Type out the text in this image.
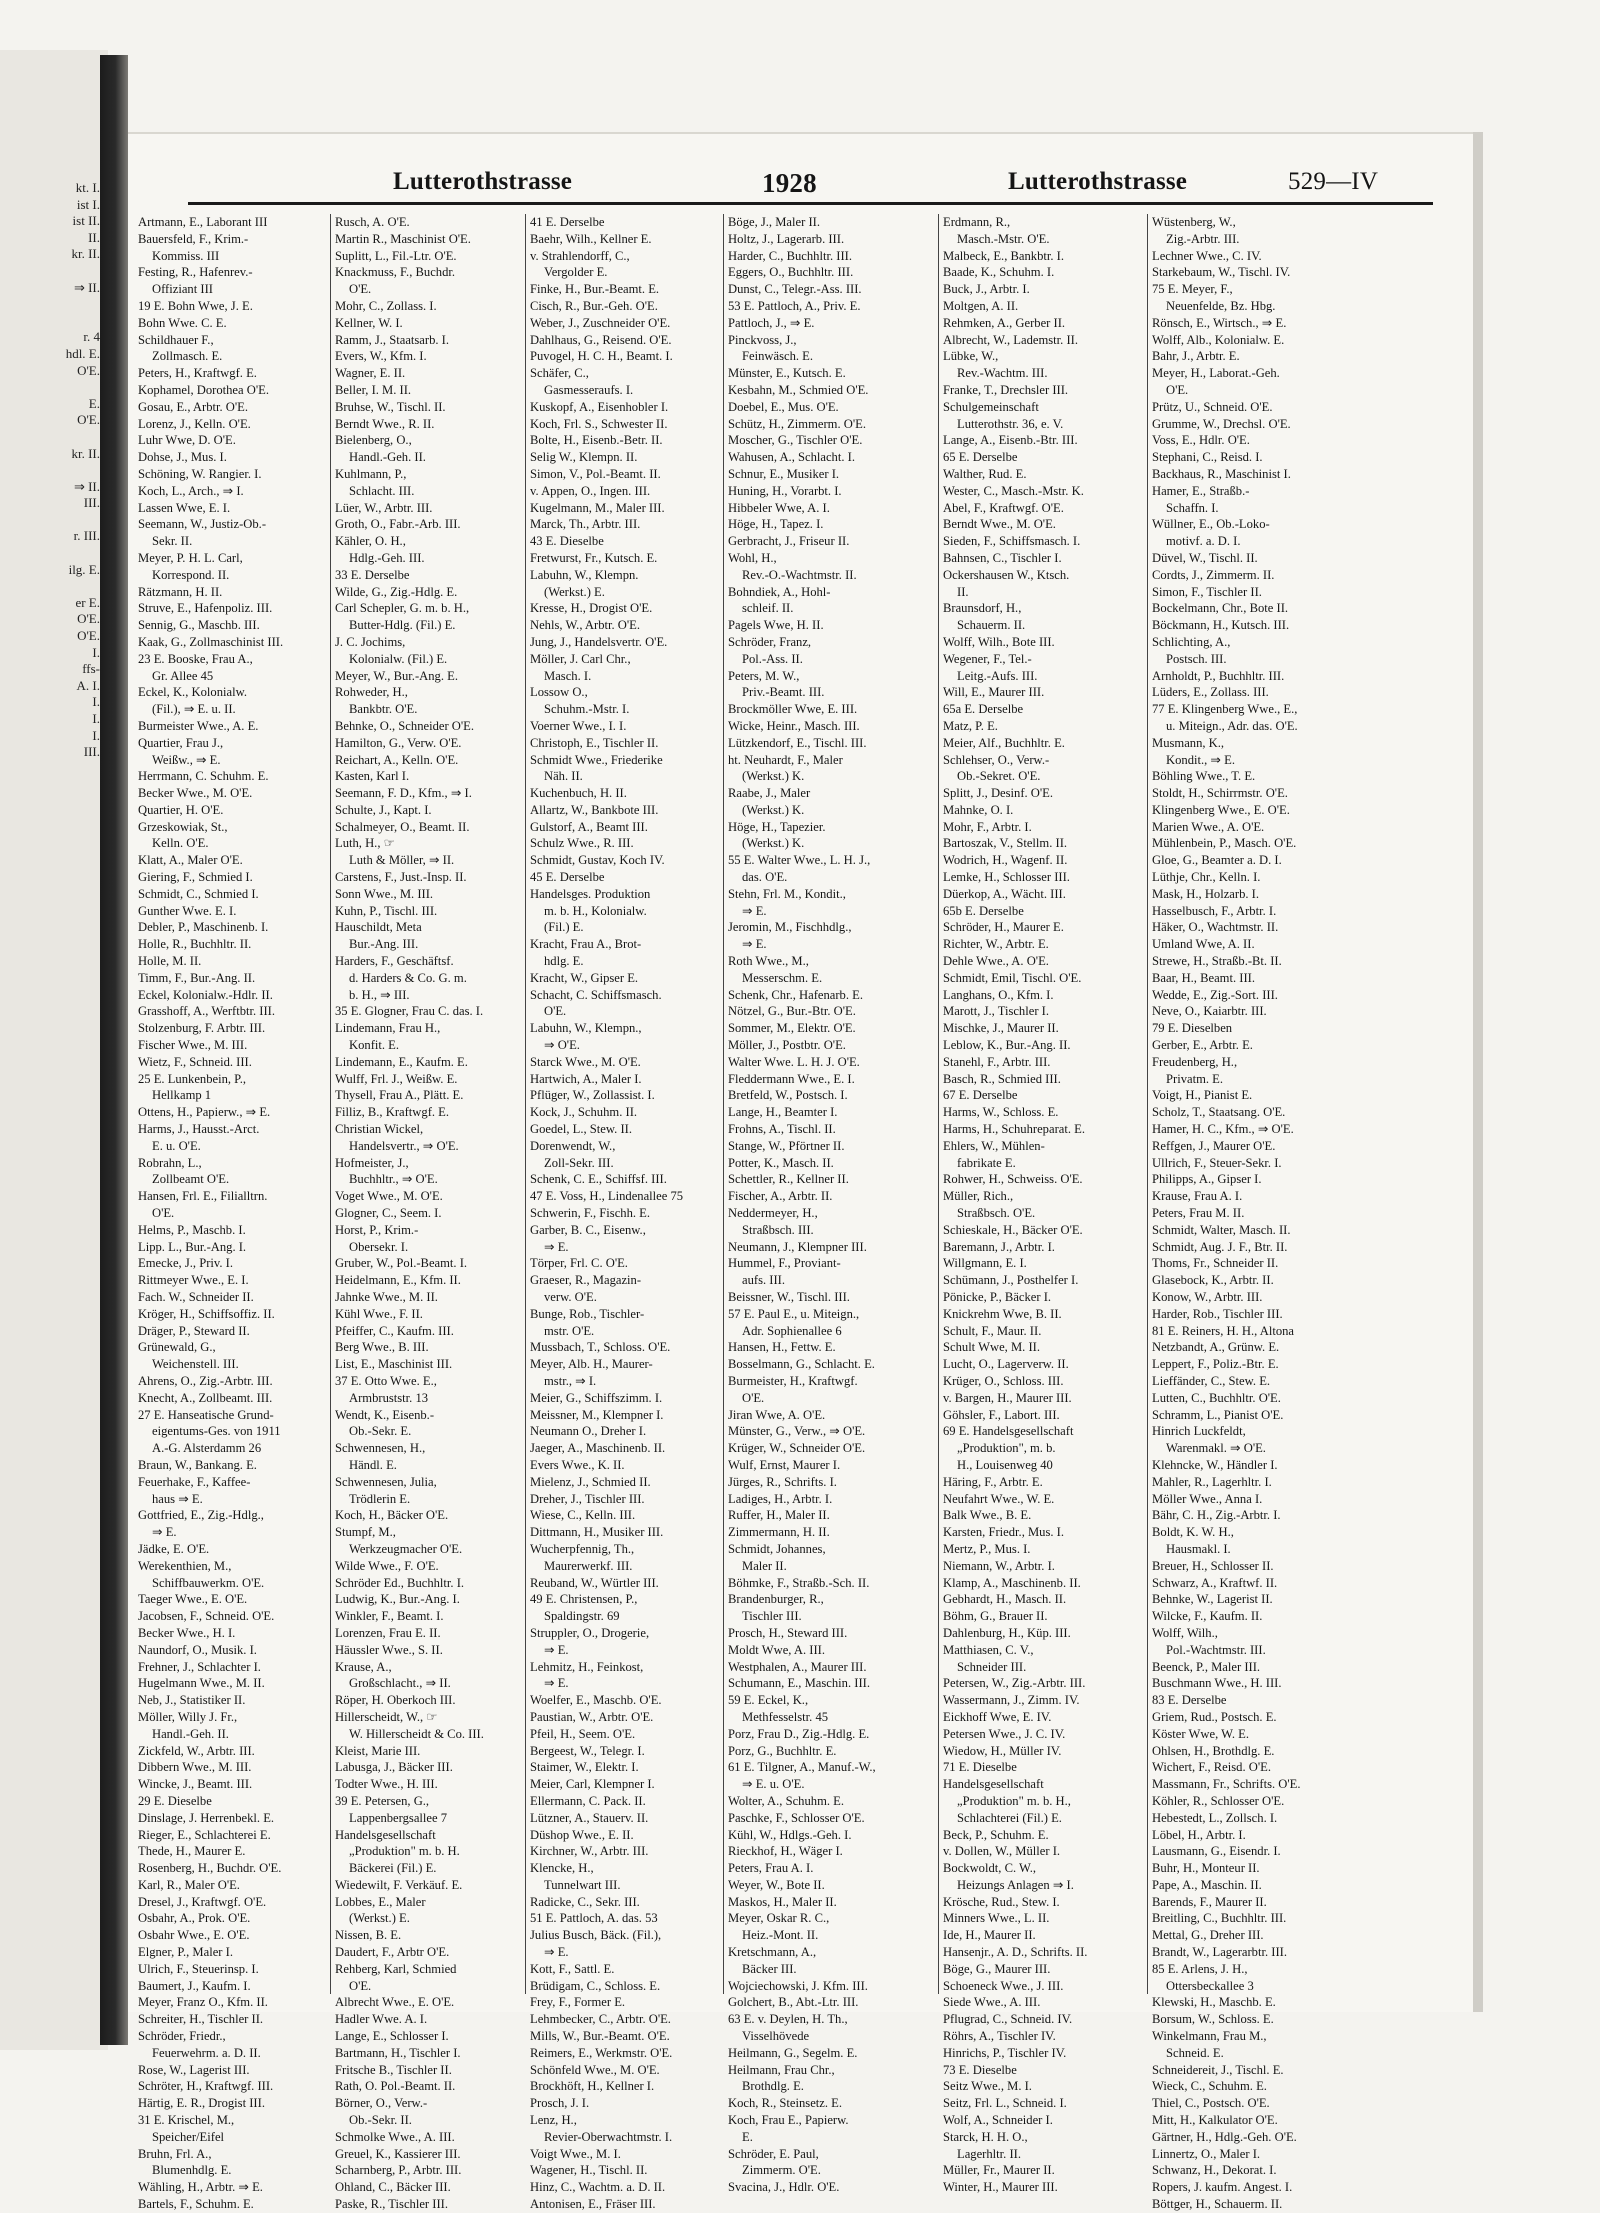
kt. I.
ist I.
ist II.
II.
kr. II.

⇒ II.

r. 4
hdl. E.
O'E.

E.
O'E.

kr. II.

⇒ II.
III.

r. III.

ilg. E.

er E.
O'E.
O'E.
I.
ffs-
A. I.
I.
I.
I.
III.
Lutterothstrasse	1928	Lutterothstrasse	529—IV
Artmann, E., Laborant III
Bauersfeld, F., Krim.-
Kommiss. III
Festing, R., Hafenrev.-
Offiziant III
19 E. Bohn Wwe, J. E.
Bohn Wwe. C. E.
Schildhauer F.,
Zollmasch. E.
Peters, H., Kraftwgf. E.
Kophamel, Dorothea O'E.
Gosau, E., Arbtr. O'E.
Lorenz, J., Kelln. O'E.
Luhr Wwe, D. O'E.
Dohse, J., Mus. I.
Schöning, W. Rangier. I.
Koch, L., Arch., ⇒ I.
Lassen Wwe, E. I.
Seemann, W., Justiz-Ob.-
Sekr. II.
Meyer, P. H. L. Carl,
Korrespond. II.
Rätzmann, H. II.
Struve, E., Hafenpoliz. III.
Sennig, G., Maschb. III.
Kaak, G., Zollmaschinist III.
23 E. Booske, Frau A.,
Gr. Allee 45
Eckel, K., Kolonialw.
(Fil.), ⇒ E. u. II.
Burmeister Wwe., A. E.
Quartier, Frau J.,
Weißw., ⇒ E.
Herrmann, C. Schuhm. E.
Becker Wwe., M. O'E.
Quartier, H. O'E.
Grzeskowiak, St.,
Kelln. O'E.
Klatt, A., Maler O'E.
Giering, F., Schmied I.
Schmidt, C., Schmied I.
Gunther Wwe. E. I.
Debler, P., Maschinenb. I.
Holle, R., Buchhltr. II.
Holle, M. II.
Timm, F., Bur.-Ang. II.
Eckel, Kolonialw.-Hdlr. II.
Grasshoff, A., Werftbtr. III.
Stolzenburg, F. Arbtr. III.
Fischer Wwe., M. III.
Wietz, F., Schneid. III.
25 E. Lunkenbein, P.,
Hellkamp 1
Ottens, H., Papierw., ⇒ E.
Harms, J., Hausst.-Arct.
E. u. O'E.
Robrahn, L.,
Zollbeamt O'E.
Hansen, Frl. E., Filialltrn.
O'E.
Helms, P., Maschb. I.
Lipp. L., Bur.-Ang. I.
Emecke, J., Priv. I.
Rittmeyer Wwe., E. I.
Fach. W., Schneider II.
Kröger, H., Schiffsoffiz. II.
Dräger, P., Steward II.
Grünewald, G.,
Weichenstell. III.
Ahrens, O., Zig.-Arbtr. III.
Knecht, A., Zollbeamt. III.
27 E. Hanseatische Grund-
eigentums-Ges. von 1911
A.-G. Alsterdamm 26
Braun, W., Bankang. E.
Feuerhake, F., Kaffee-
haus ⇒ E.
Gottfried, E., Zig.-Hdlg.,
⇒ E.
Jädke, E. O'E.
Werekenthien, M.,
Schiffbauwerkm. O'E.
Taeger Wwe., E. O'E.
Jacobsen, F., Schneid. O'E.
Becker Wwe., H. I.
Naundorf, O., Musik. I.
Frehner, J., Schlachter I.
Hugelmann Wwe., M. II.
Neb, J., Statistiker II.
Möller, Willy J. Fr.,
Handl.-Geh. II.
Zickfeld, W., Arbtr. III.
Dibbern Wwe., M. III.
Wincke, J., Beamt. III.
29 E. Dieselbe
Dinslage, J. Herrenbekl. E.
Rieger, E., Schlachterei E.
Thede, H., Maurer E.
Rosenberg, H., Buchdr. O'E.
Karl, R., Maler O'E.
Dresel, J., Kraftwgf. O'E.
Osbahr, A., Prok. O'E.
Osbahr Wwe., E. O'E.
Elgner, P., Maler I.
Ulrich, F., Steuerinsp. I.
Baumert, J., Kaufm. I.
Meyer, Franz O., Kfm. II.
Schreiter, H., Tischler II.
Schröder, Friedr.,
Feuerwehrm. a. D. II.
Rose, W., Lagerist III.
Schröter, H., Kraftwgf. III.
Härtig, E. R., Drogist III.
31 E. Krischel, M.,
Speicher/Eifel
Bruhn, Frl. A.,
Blumenhdlg. E.
Wähling, H., Arbtr. ⇒ E.
Bartels, F., Schuhm. E.
Rusch, A. O'E.
Martin R., Maschinist O'E.
Suplitt, L., Fil.-Ltr. O'E.
Knackmuss, F., Buchdr.
O'E.
Mohr, C., Zollass. I.
Kellner, W. I.
Ramm, J., Staatsarb. I.
Evers, W., Kfm. I.
Wagner, E. II.
Beller, I. M. II.
Bruhse, W., Tischl. II.
Berndt Wwe., R. II.
Bielenberg, O.,
Handl.-Geh. II.
Kuhlmann, P.,
Schlacht. III.
Lüer, W., Arbtr. III.
Groth, O., Fabr.-Arb. III.
Kähler, O. H.,
Hdlg.-Geh. III.
33 E. Derselbe
Wilde, G., Zig.-Hdlg. E.
Carl Schepler, G. m. b. H.,
Butter-Hdlg. (Fil.) E.
J. C. Jochims,
Kolonialw. (Fil.) E.
Meyer, W., Bur.-Ang. E.
Rohweder, H.,
Bankbtr. O'E.
Behnke, O., Schneider O'E.
Hamilton, G., Verw. O'E.
Reichart, A., Kelln. O'E.
Kasten, Karl I.
Seemann, F. D., Kfm., ⇒ I.
Schulte, J., Kapt. I.
Schalmeyer, O., Beamt. II.
Luth, H., ☞
Luth & Möller, ⇒ II.
Carstens, F., Just.-Insp. II.
Sonn Wwe., M. III.
Kuhn, P., Tischl. III.
Hauschildt, Meta
Bur.-Ang. III.
Harders, F., Geschäftsf.
d. Harders & Co. G. m.
b. H., ⇒ III.
35 E. Glogner, Frau C. das. I.
Lindemann, Frau H.,
Konfit. E.
Lindemann, E., Kaufm. E.
Wulff, Frl. J., Weißw. E.
Thysell, Frau A., Plätt. E.
Filliz, B., Kraftwgf. E.
Christian Wickel,
Handelsvertr., ⇒ O'E.
Hofmeister, J.,
Buchhltr., ⇒ O'E.
Voget Wwe., M. O'E.
Glogner, C., Seem. I.
Horst, P., Krim.-
Obersekr. I.
Gruber, W., Pol.-Beamt. I.
Heidelmann, E., Kfm. II.
Jahnke Wwe., M. II.
Kühl Wwe., F. II.
Pfeiffer, C., Kaufm. III.
Berg Wwe., B. III.
List, E., Maschinist III.
37 E. Otto Wwe. E.,
Armbruststr. 13
Wendt, K., Eisenb.-
Ob.-Sekr. E.
Schwennesen, H.,
Händl. E.
Schwennesen, Julia,
Trödlerin E.
Koch, H., Bäcker O'E.
Stumpf, M.,
Werkzeugmacher O'E.
Wilde Wwe., F. O'E.
Schröder Ed., Buchhltr. I.
Ludwig, K., Bur.-Ang. I.
Winkler, F., Beamt. I.
Lorenzen, Frau E. II.
Häussler Wwe., S. II.
Krause, A.,
Großschlacht., ⇒ II.
Röper, H. Oberkoch III.
Hillerscheidt, W., ☞
W. Hillerscheidt & Co. III.
Kleist, Marie III.
Labusga, J., Bäcker III.
Todter Wwe., H. III.
39 E. Petersen, G.,
Lappenbergsallee 7
Handelsgesellschaft
„Produktion" m. b. H.
Bäckerei (Fil.) E.
Wiedewilt, F. Verkäuf. E.
Lobbes, E., Maler
(Werkst.) E.
Nissen, B. E.
Daudert, F., Arbtr O'E.
Rehberg, Karl, Schmied
O'E.
Albrecht Wwe., E. O'E.
Hadler Wwe. A. I.
Lange, E., Schlosser I.
Bartmann, H., Tischler I.
Fritsche B., Tischler II.
Rath, O. Pol.-Beamt. II.
Börner, O., Verw.-
Ob.-Sekr. II.
Schmolke Wwe., A. III.
Greuel, K., Kassierer III.
Scharnberg, P., Arbtr. III.
Ohland, C., Bäcker III.
Paske, R., Tischler III.
41 E. Derselbe
Baehr, Wilh., Kellner E.
v. Strahlendorff, C.,
Vergolder E.
Finke, H., Bur.-Beamt. E.
Cisch, R., Bur.-Geh. O'E.
Weber, J., Zuschneider O'E.
Dahlhaus, G., Reisend. O'E.
Puvogel, H. C. H., Beamt. I.
Schäfer, C.,
Gasmesseraufs. I.
Kuskopf, A., Eisenhobler I.
Koch, Frl. S., Schwester II.
Bolte, H., Eisenb.-Betr. II.
Selig W., Klempn. II.
Simon, V., Pol.-Beamt. II.
v. Appen, O., Ingen. III.
Kugelmann, M., Maler III.
Marck, Th., Arbtr. III.
43 E. Dieselbe
Fretwurst, Fr., Kutsch. E.
Labuhn, W., Klempn.
(Werkst.) E.
Kresse, H., Drogist O'E.
Nehls, W., Arbtr. O'E.
Jung, J., Handelsvertr. O'E.
Möller, J. Carl Chr.,
Masch. I.
Lossow O.,
Schuhm.-Mstr. I.
Voerner Wwe., I. I.
Christoph, E., Tischler II.
Schmidt Wwe., Friederike
Näh. II.
Kuchenbuch, H. II.
Allartz, W., Bankbote III.
Gulstorf, A., Beamt III.
Schulz Wwe., R. III.
Schmidt, Gustav, Koch IV.
45 E. Derselbe
Handelsges. Produktion
m. b. H., Kolonialw.
(Fil.) E.
Kracht, Frau A., Brot-
hdlg. E.
Kracht, W., Gipser E.
Schacht, C. Schiffsmasch.
O'E.
Labuhn, W., Klempn.,
⇒ O'E.
Starck Wwe., M. O'E.
Hartwich, A., Maler I.
Pflüger, W., Zollassist. I.
Kock, J., Schuhm. II.
Goedel, L., Stew. II.
Dorenwendt, W.,
Zoll-Sekr. III.
Schenk, C. E., Schiffsf. III.
47 E. Voss, H., Lindenallee 75
Schwerin, F., Fischh. E.
Garber, B. C., Eisenw.,
⇒ E.
Törper, Frl. C. O'E.
Graeser, R., Magazin-
verw. O'E.
Bunge, Rob., Tischler-
mstr. O'E.
Mussbach, T., Schloss. O'E.
Meyer, Alb. H., Maurer-
mstr., ⇒ I.
Meier, G., Schiffszimm. I.
Meissner, M., Klempner I.
Neumann O., Dreher I.
Jaeger, A., Maschinenb. II.
Evers Wwe., K. II.
Mielenz, J., Schmied II.
Dreher, J., Tischler III.
Wiese, C., Kelln. III.
Dittmann, H., Musiker III.
Wucherpfennig, Th.,
Maurerwerkf. III.
Reuband, W., Würtler III.
49 E. Christensen, P.,
Spaldingstr. 69
Struppler, O., Drogerie,
⇒ E.
Lehmitz, H., Feinkost,
⇒ E.
Woelfer, E., Maschb. O'E.
Paustian, W., Arbtr. O'E.
Pfeil, H., Seem. O'E.
Bergeest, W., Telegr. I.
Staimer, W., Elektr. I.
Meier, Carl, Klempner I.
Ellermann, C. Pack. II.
Lützner, A., Stauerv. II.
Düshop Wwe., E. II.
Kirchner, W., Arbtr. III.
Klencke, H.,
Tunnelwart III.
Radicke, C., Sekr. III.
51 E. Pattloch, A. das. 53
Julius Busch, Bäck. (Fil.),
⇒ E.
Kott, F., Sattl. E.
Brüdigam, C., Schloss. E.
Frey, F., Former E.
Lehmbecker, C., Arbtr. O'E.
Mills, W., Bur.-Beamt. O'E.
Reimers, E., Werkmstr. O'E.
Schönfeld Wwe., M. O'E.
Brockhöft, H., Kellner I.
Prosch, J. I.
Lenz, H.,
Revier-Oberwachtmstr. I.
Voigt Wwe., M. I.
Wagener, H., Tischl. II.
Hinz, C., Wachtm. a. D. II.
Antonisen, E., Fräser III.
Böge, J., Maler II.
Holtz, J., Lagerarb. III.
Harder, C., Buchhltr. III.
Eggers, O., Buchhltr. III.
Dunst, C., Telegr.-Ass. III.
53 E. Pattloch, A., Priv. E.
Pattloch, J., ⇒ E.
Pinckvoss, J.,
Feinwäsch. E.
Münster, E., Kutsch. E.
Kesbahn, M., Schmied O'E.
Doebel, E., Mus. O'E.
Schütz, H., Zimmerm. O'E.
Moscher, G., Tischler O'E.
Wahusen, A., Schlacht. I.
Schnur, E., Musiker I.
Huning, H., Vorarbt. I.
Hibbeler Wwe, A. I.
Höge, H., Tapez. I.
Gerbracht, J., Friseur II.
Wohl, H.,
Rev.-O.-Wachtmstr. II.
Bohndiek, A., Hohl-
schleif. II.
Pagels Wwe, H. II.
Schröder, Franz,
Pol.-Ass. II.
Peters, M. W.,
Priv.-Beamt. III.
Brockmöller Wwe, E. III.
Wicke, Heinr., Masch. III.
Lützkendorf, E., Tischl. III.
ht. Neuhardt, F., Maler
(Werkst.) K.
Raabe, J., Maler
(Werkst.) K.
Höge, H., Tapezier.
(Werkst.) K.
55 E. Walter Wwe., L. H. J.,
das. O'E.
Stehn, Frl. M., Kondit.,
⇒ E.
Jeromin, M., Fischhdlg.,
⇒ E.
Roth Wwe., M.,
Messerschm. E.
Schenk, Chr., Hafenarb. E.
Nötzel, G., Bur.-Btr. O'E.
Sommer, M., Elektr. O'E.
Möller, J., Postbtr. O'E.
Walter Wwe. L. H. J. O'E.
Fleddermann Wwe., E. I.
Bretfeld, W., Postsch. I.
Lange, H., Beamter I.
Frohns, A., Tischl. II.
Stange, W., Pförtner II.
Potter, K., Masch. II.
Schettler, R., Kellner II.
Fischer, A., Arbtr. II.
Neddermeyer, H.,
Straßbsch. III.
Neumann, J., Klempner III.
Hummel, F., Proviant-
aufs. III.
Beissner, W., Tischl. III.
57 E. Paul E., u. Miteign.,
Adr. Sophienallee 6
Hansen, H., Fettw. E.
Bosselmann, G., Schlacht. E.
Burmeister, H., Kraftwgf.
O'E.
Jiran Wwe, A. O'E.
Münster, G., Verw., ⇒ O'E.
Krüger, W., Schneider O'E.
Wulf, Ernst, Maurer I.
Jürges, R., Schrifts. I.
Ladiges, H., Arbtr. I.
Ruffer, H., Maler II.
Zimmermann, H. II.
Schmidt, Johannes,
Maler II.
Böhmke, F., Straßb.-Sch. II.
Brandenburger, R.,
Tischler III.
Prosch, H., Steward III.
Moldt Wwe, A. III.
Westphalen, A., Maurer III.
Schumann, E., Maschin. III.
59 E. Eckel, K.,
Methfesselstr. 45
Porz, Frau D., Zig.-Hdlg. E.
Porz, G., Buchhltr. E.
61 E. Tilgner, A., Manuf.-W.,
⇒ E. u. O'E.
Wolter, A., Schuhm. E.
Paschke, F., Schlosser O'E.
Kühl, W., Hdlgs.-Geh. I.
Rieckhof, H., Wäger I.
Peters, Frau A. I.
Weyer, W., Bote II.
Maskos, H., Maler II.
Meyer, Oskar R. C.,
Heiz.-Mont. II.
Kretschmann, A.,
Bäcker III.
Wojciechowski, J. Kfm. III.
Golchert, B., Abt.-Ltr. III.
63 E. v. Deylen, H. Th.,
Visselhövede
Heilmann, G., Segelm. E.
Heilmann, Frau Chr.,
Brothdlg. E.
Koch, R., Steinsetz. E.
Koch, Frau E., Papierw.
E.
Schröder, E. Paul,
Zimmerm. O'E.
Svacina, J., Hdlr. O'E.
Erdmann, R.,
Masch.-Mstr. O'E.
Malbeck, E., Bankbtr. I.
Baade, K., Schuhm. I.
Buck, J., Arbtr. I.
Moltgen, A. II.
Rehmken, A., Gerber II.
Albrecht, W., Lademstr. II.
Lübke, W.,
Rev.-Wachtm. III.
Franke, T., Drechsler III.
Schulgemeinschaft
Lutterothstr. 36, e. V.
Lange, A., Eisenb.-Btr. III.
65 E. Derselbe
Walther, Rud. E.
Wester, C., Masch.-Mstr. K.
Abel, F., Kraftwgf. O'E.
Berndt Wwe., M. O'E.
Sieden, F., Schiffsmasch. I.
Bahnsen, C., Tischler I.
Ockershausen W., Ktsch.
II.
Braunsdorf, H.,
Schauerm. II.
Wolff, Wilh., Bote III.
Wegener, F., Tel.-
Leitg.-Aufs. III.
Will, E., Maurer III.
65a E. Derselbe
Matz, P. E.
Meier, Alf., Buchhltr. E.
Schlehser, O., Verw.-
Ob.-Sekret. O'E.
Splitt, J., Desinf. O'E.
Mahnke, O. I.
Mohr, F., Arbtr. I.
Bartoszak, V., Stellm. II.
Wodrich, H., Wagenf. II.
Lemke, H., Schlosser III.
Düerkop, A., Wächt. III.
65b E. Derselbe
Schröder, H., Maurer E.
Richter, W., Arbtr. E.
Dehle Wwe., A. O'E.
Schmidt, Emil, Tischl. O'E.
Langhans, O., Kfm. I.
Marott, J., Tischler I.
Mischke, J., Maurer II.
Leblow, K., Bur.-Ang. II.
Stanehl, F., Arbtr. III.
Basch, R., Schmied III.
67 E. Derselbe
Harms, W., Schloss. E.
Harms, H., Schuhreparat. E.
Ehlers, W., Mühlen-
fabrikate E.
Rohwer, H., Schweiss. O'E.
Müller, Rich.,
Straßbsch. O'E.
Schieskale, H., Bäcker O'E.
Baremann, J., Arbtr. I.
Willgmann, E. I.
Schümann, J., Posthelfer I.
Pönicke, P., Bäcker I.
Knickrehm Wwe, B. II.
Schult, F., Maur. II.
Schult Wwe, M. II.
Lucht, O., Lagerverw. II.
Krüger, O., Schloss. III.
v. Bargen, H., Maurer III.
Göhsler, F., Labort. III.
69 E. Handelsgesellschaft
„Produktion", m. b.
H., Louisenweg 40
Häring, F., Arbtr. E.
Neufahrt Wwe., W. E.
Balk Wwe., B. E.
Karsten, Friedr., Mus. I.
Mertz, P., Mus. I.
Niemann, W., Arbtr. I.
Klamp, A., Maschinenb. II.
Gebhardt, H., Masch. II.
Böhm, G., Brauer II.
Dahlenburg, H., Küp. III.
Matthiasen, C. V.,
Schneider III.
Petersen, W., Zig.-Arbtr. III.
Wassermann, J., Zimm. IV.
Eickhoff Wwe, E. IV.
Petersen Wwe., J. C. IV.
Wiedow, H., Müller IV.
71 E. Dieselbe
Handelsgesellschaft
„Produktion" m. b. H.,
Schlachterei (Fil.) E.
Beck, P., Schuhm. E.
v. Dollen, W., Müller I.
Bockwoldt, C. W.,
Heizungs Anlagen ⇒ I.
Krösche, Rud., Stew. I.
Minners Wwe., L. II.
Ide, H., Maurer II.
Hansenjr., A. D., Schrifts. II.
Böge, G., Maurer III.
Schoeneck Wwe., J. III.
Siede Wwe., A. III.
Pflugrad, C., Schneid. IV.
Röhrs, A., Tischler IV.
Hinrichs, P., Tischler IV.
73 E. Dieselbe
Seitz Wwe., M. I.
Seitz, Frl. L., Schneid. I.
Wolf, A., Schneider I.
Starck, H. H. O.,
Lagerhltr. II.
Müller, Fr., Maurer II.
Winter, H., Maurer III.
Wüstenberg, W.,
Zig.-Arbtr. III.
Lechner Wwe., C. IV.
Starkebaum, W., Tischl. IV.
75 E. Meyer, F.,
Neuenfelde, Bz. Hbg.
Rönsch, E., Wirtsch., ⇒ E.
Wolff, Alb., Kolonialw. E.
Bahr, J., Arbtr. E.
Meyer, H., Laborat.-Geh.
O'E.
Prütz, U., Schneid. O'E.
Grumme, W., Drechsl. O'E.
Voss, E., Hdlr. O'E.
Stephani, C., Reisd. I.
Backhaus, R., Maschinist I.
Hamer, E., Straßb.-
Schaffn. I.
Wüllner, E., Ob.-Loko-
motivf. a. D. I.
Düvel, W., Tischl. II.
Cordts, J., Zimmerm. II.
Simon, F., Tischler II.
Bockelmann, Chr., Bote II.
Böckmann, H., Kutsch. III.
Schlichting, A.,
Postsch. III.
Arnholdt, P., Buchhltr. III.
Lüders, E., Zollass. III.
77 E. Klingenberg Wwe., E.,
u. Miteign., Adr. das. O'E.
Musmann, K.,
Kondit., ⇒ E.
Böhling Wwe., T. E.
Stoldt, H., Schirrmstr. O'E.
Klingenberg Wwe., E. O'E.
Marien Wwe., A. O'E.
Mühlenbein, P., Masch. O'E.
Gloe, G., Beamter a. D. I.
Lüthje, Chr., Kelln. I.
Mask, H., Holzarb. I.
Hasselbusch, F., Arbtr. I.
Häker, O., Wachtmstr. II.
Umland Wwe, A. II.
Strewe, H., Straßb.-Bt. II.
Baar, H., Beamt. III.
Wedde, E., Zig.-Sort. III.
Neve, O., Kaiarbtr. III.
79 E. Dieselben
Gerber, E., Arbtr. E.
Freudenberg, H.,
Privatm. E.
Voigt, H., Pianist E.
Scholz, T., Staatsang. O'E.
Hamer, H. C., Kfm., ⇒ O'E.
Reffgen, J., Maurer O'E.
Ullrich, F., Steuer-Sekr. I.
Philipps, A., Gipser I.
Krause, Frau A. I.
Peters, Frau M. II.
Schmidt, Walter, Masch. II.
Schmidt, Aug. J. F., Btr. II.
Thoms, Fr., Schneider II.
Glasebock, K., Arbtr. II.
Konow, W., Arbtr. III.
Harder, Rob., Tischler III.
81 E. Reiners, H. H., Altona
Netzbandt, A., Grünw. E.
Leppert, F., Poliz.-Btr. E.
Lieffänder, C., Stew. E.
Lutten, C., Buchhltr. O'E.
Schramm, L., Pianist O'E.
Hinrich Luckfeldt,
Warenmakl. ⇒ O'E.
Klehncke, W., Händler I.
Mahler, R., Lagerhltr. I.
Möller Wwe., Anna I.
Bähr, C. H., Zig.-Arbtr. I.
Boldt, K. W. H.,
Hausmakl. I.
Breuer, H., Schlosser II.
Schwarz, A., Kraftwf. II.
Behnke, W., Lagerist II.
Wilcke, F., Kaufm. II.
Wolff, Wilh.,
Pol.-Wachtmstr. III.
Beenck, P., Maler III.
Buschmann Wwe., H. III.
83 E. Derselbe
Griem, Rud., Postsch. E.
Köster Wwe, W. E.
Ohlsen, H., Brothdlg. E.
Wichert, F., Reisd. O'E.
Massmann, Fr., Schrifts. O'E.
Köhler, R., Schlosser O'E.
Hebestedt, L., Zollsch. I.
Löbel, H., Arbtr. I.
Lausmann, G., Eisendr. I.
Buhr, H., Monteur II.
Pape, A., Maschin. II.
Barends, F., Maurer II.
Breitling, C., Buchhltr. III.
Mettal, G., Dreher III.
Brandt, W., Lagerarbtr. III.
85 E. Arlens, J. H.,
Ottersbeckallee 3
Klewski, H., Maschb. E.
Borsum, W., Schloss. E.
Winkelmann, Frau M.,
Schneid. E.
Schneidereit, J., Tischl. E.
Wieck, C., Schuhm. E.
Thiel, C., Postsch. O'E.
Mitt, H., Kalkulator O'E.
Gärtner, H., Hdlg.-Geh. O'E.
Linnertz, O., Maler I.
Schwanz, H., Dekorat. I.
Ropers, J. kaufm. Angest. I.
Böttger, H., Schauerm. II.
